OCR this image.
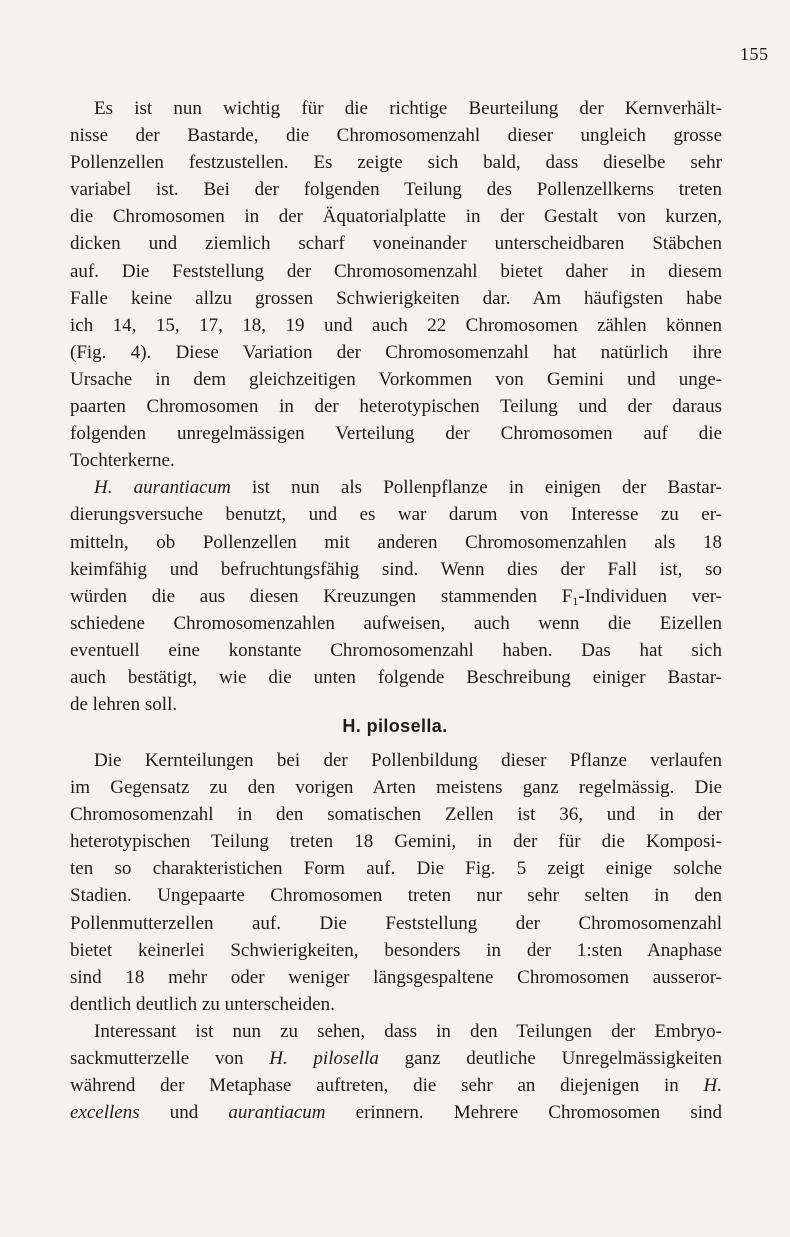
155
Es ist nun wichtig für die richtige Beurteilung der Kernverhält-
nisse der Bastarde, die Chromosomenzahl dieser ungleich grosse
Pollenzellen festzustellen. Es zeigte sich bald, dass dieselbe sehr
variabel ist. Bei der folgenden Teilung des Pollenzellkerns treten
die Chromosomen in der Äquatorialplatte in der Gestalt von kurzen,
dicken und ziemlich scharf voneinander unterscheidbaren Stäbchen
auf. Die Feststellung der Chromosomenzahl bietet daher in diesem
Falle keine allzu grossen Schwierigkeiten dar. Am häufigsten habe
ich 14, 15, 17, 18, 19 und auch 22 Chromosomen zählen können
(Fig. 4). Diese Variation der Chromosomenzahl hat natürlich ihre
Ursache in dem gleichzeitigen Vorkommen von Gemini und unge-
paarten Chromosomen in der heterotypischen Teilung und der daraus
folgenden unregelmässigen Verteilung der Chromosomen auf die
Tochterkerne.
H. aurantiacum ist nun als Pollenpflanze in einigen der Bastar-
dierungsversuche benutzt, und es war darum von Interesse zu er-
mitteln, ob Pollenzellen mit anderen Chromosomenzahlen als 18
keimfähig und befruchtungsfähig sind. Wenn dies der Fall ist, so
würden die aus diesen Kreuzungen stammenden $F_1$-Individuen ver-
schiedene Chromosomenzahlen aufweisen, auch wenn die Eizellen
eventuell eine konstante Chromosomenzahl haben. Das hat sich
auch bestätigt, wie die unten folgende Beschreibung einiger Bastar-
de lehren soll.
H. pilosella.
Die Kernteilungen bei der Pollenbildung dieser Pflanze verlaufen
im Gegensatz zu den vorigen Arten meistens ganz regelmässig. Die
Chromosomenzahl in den somatischen Zellen ist 36, und in der
heterotypischen Teilung treten 18 Gemini, in der für die Komposi-
ten so charakteristichen Form auf. Die Fig. 5 zeigt einige solche
Stadien. Ungepaarte Chromosomen treten nur sehr selten in den
Pollenmutterzellen auf. Die Feststellung der Chromosomenzahl
bietet keinerlei Schwierigkeiten, besonders in der 1:sten Anaphase
sind 18 mehr oder weniger längsgespaltene Chromosomen ausseror-
dentlich deutlich zu unterscheiden.
Interessant ist nun zu sehen, dass in den Teilungen der Embryo-
sackmutterzelle von H. pilosella ganz deutliche Unregelmässigkeiten
während der Metaphase auftreten, die sehr an diejenigen in H.
excellens und aurantiacum erinnern. Mehrere Chromosomen sind
